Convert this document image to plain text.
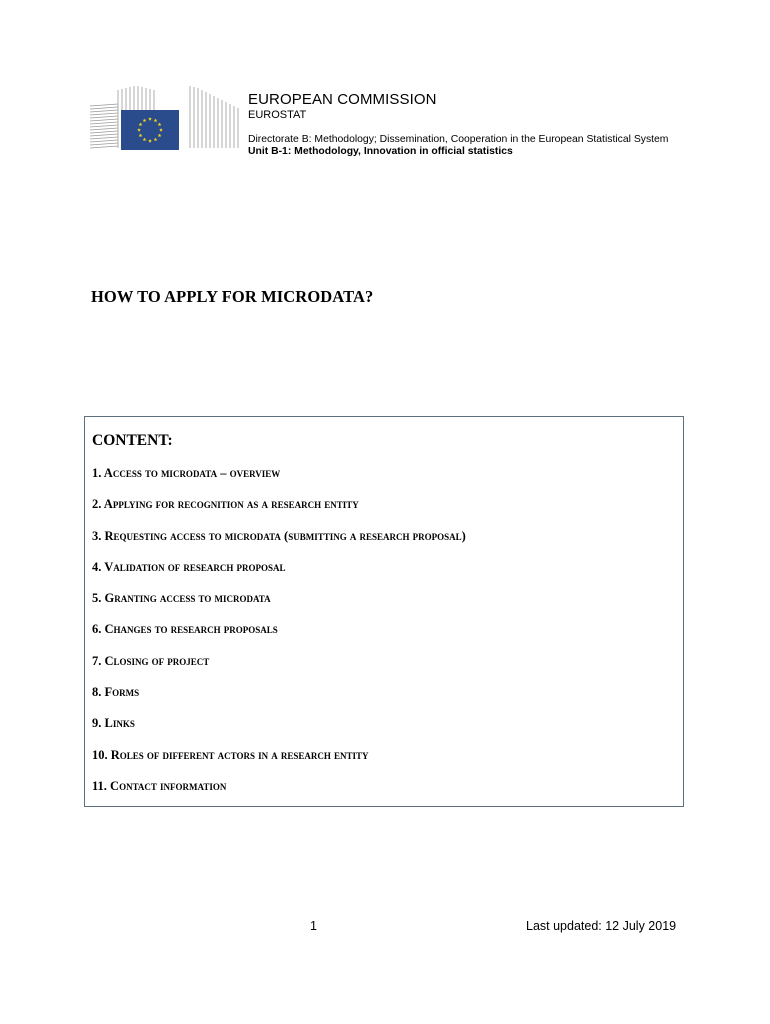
EUROPEAN COMMISSION
EUROSTAT
Directorate B: Methodology; Dissemination, Cooperation in the European Statistical System
Unit B-1: Methodology, Innovation in official statistics
HOW TO APPLY FOR MICRODATA?
CONTENT:
1. Access to microdata – overview
2. Applying for recognition as a research entity
3. Requesting access to microdata (submitting a research proposal)
4. Validation of research proposal
5. Granting access to microdata
6. Changes to research proposals
7. Closing of project
8. Forms
9. Links
10. Roles of different actors in a research entity
11. Contact information
1	Last updated: 12 July 2019
